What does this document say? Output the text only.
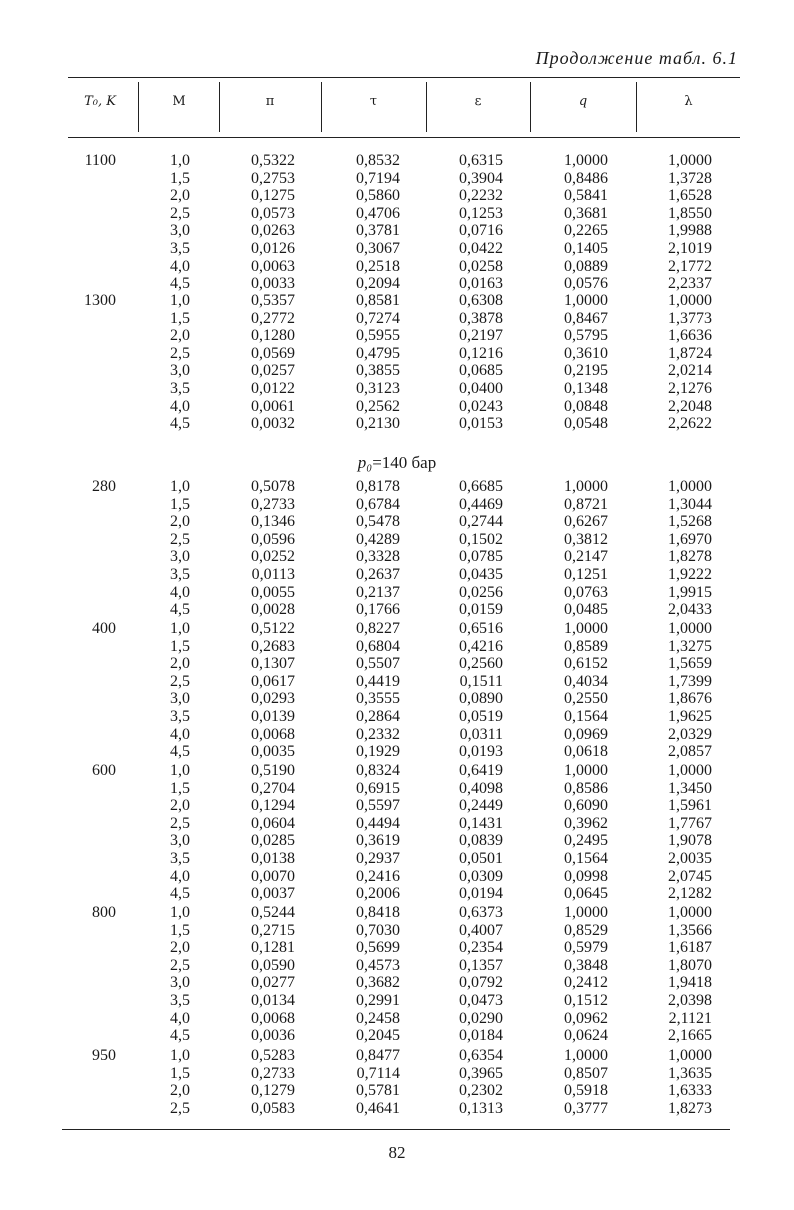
Продолжение табл. 6.1
T₀, K	M	π	τ	ε	q	λ
p₀=140 бар
1100	1,0	0,5322	0,8532	0,6315	1,0000	1,0000
1,5	0,2753	0,7194	0,3904	0,8486	1,3728
2,0	0,1275	0,5860	0,2232	0,5841	1,6528
2,5	0,0573	0,4706	0,1253	0,3681	1,8550
3,0	0,0263	0,3781	0,0716	0,2265	1,9988
3,5	0,0126	0,3067	0,0422	0,1405	2,1019
4,0	0,0063	0,2518	0,0258	0,0889	2,1772
4,5	0,0033	0,2094	0,0163	0,0576	2,2337
1300	1,0	0,5357	0,8581	0,6308	1,0000	1,0000
1,5	0,2772	0,7274	0,3878	0,8467	1,3773
2,0	0,1280	0,5955	0,2197	0,5795	1,6636
2,5	0,0569	0,4795	0,1216	0,3610	1,8724
3,0	0,0257	0,3855	0,0685	0,2195	2,0214
3,5	0,0122	0,3123	0,0400	0,1348	2,1276
4,0	0,0061	0,2562	0,0243	0,0848	2,2048
4,5	0,0032	0,2130	0,0153	0,0548	2,2622
280	1,0	0,5078	0,8178	0,6685	1,0000	1,0000
1,5	0,2733	0,6784	0,4469	0,8721	1,3044
2,0	0,1346	0,5478	0,2744	0,6267	1,5268
2,5	0,0596	0,4289	0,1502	0,3812	1,6970
3,0	0,0252	0,3328	0,0785	0,2147	1,8278
3,5	0,0113	0,2637	0,0435	0,1251	1,9222
4,0	0,0055	0,2137	0,0256	0,0763	1,9915
4,5	0,0028	0,1766	0,0159	0,0485	2,0433
400	1,0	0,5122	0,8227	0,6516	1,0000	1,0000
1,5	0,2683	0,6804	0,4216	0,8589	1,3275
2,0	0,1307	0,5507	0,2560	0,6152	1,5659
2,5	0,0617	0,4419	0,1511	0,4034	1,7399
3,0	0,0293	0,3555	0,0890	0,2550	1,8676
3,5	0,0139	0,2864	0,0519	0,1564	1,9625
4,0	0,0068	0,2332	0,0311	0,0969	2,0329
4,5	0,0035	0,1929	0,0193	0,0618	2,0857
600	1,0	0,5190	0,8324	0,6419	1,0000	1,0000
1,5	0,2704	0,6915	0,4098	0,8586	1,3450
2,0	0,1294	0,5597	0,2449	0,6090	1,5961
2,5	0,0604	0,4494	0,1431	0,3962	1,7767
3,0	0,0285	0,3619	0,0839	0,2495	1,9078
3,5	0,0138	0,2937	0,0501	0,1564	2,0035
4,0	0,0070	0,2416	0,0309	0,0998	2,0745
4,5	0,0037	0,2006	0,0194	0,0645	2,1282
800	1,0	0,5244	0,8418	0,6373	1,0000	1,0000
1,5	0,2715	0,7030	0,4007	0,8529	1,3566
2,0	0,1281	0,5699	0,2354	0,5979	1,6187
2,5	0,0590	0,4573	0,1357	0,3848	1,8070
3,0	0,0277	0,3682	0,0792	0,2412	1,9418
3,5	0,0134	0,2991	0,0473	0,1512	2,0398
4,0	0,0068	0,2458	0,0290	0,0962	2,1121
4,5	0,0036	0,2045	0,0184	0,0624	2,1665
950	1,0	0,5283	0,8477	0,6354	1,0000	1,0000
1,5	0,2733	0,7114	0,3965	0,8507	1,3635
2,0	0,1279	0,5781	0,2302	0,5918	1,6333
2,5	0,0583	0,4641	0,1313	0,3777	1,8273
82
